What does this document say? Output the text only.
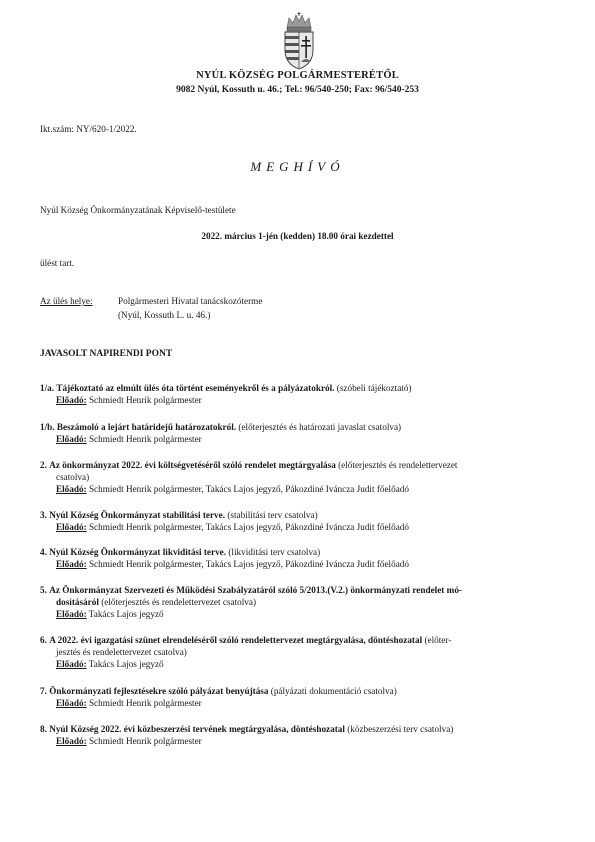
NYÚL KÖZSÉG POLGÁRMESTERÉTŐL
9082 Nyúl, Kossuth u. 46.; Tel.: 96/540-250; Fax: 96/540-253
Ikt.szám: NY/620-1/2022.
MEGHÍVÓ
Nyúl Község Önkormányzatának Képviselő-testülete
2022. március 1-jén (kedden) 18.00 órai kezdettel
ülést tart.
Az ülés helye:	Polgármesteri Hivatal tanácskozóterme
(Nyúl, Kossuth L. u. 46.)
JAVASOLT NAPIRENDI PONT

1/a. Tájékoztató az elmúlt ülés óta történt eseményekről és a pályázatokról. (szóbeli tájékoztató)

Előadó: Schmiedt Henrik polgármester

1/b. Beszámoló a lejárt határidejű határozatokról. (előterjesztés és határozati javaslat csatolva)

Előadó: Schmiedt Henrik polgármester

2. Az önkormányzat 2022. évi költségvetéséről szóló rendelet megtárgyalása (előterjesztés és rendelettervezet

csatolva)

Előadó: Schmiedt Henrik polgármester, Takács Lajos jegyző, Pákozdiné Iváncza Judit főelőadó

3. Nyúl Község Önkormányzat stabilitási terve. (stabilitási terv csatolva)

Előadó: Schmiedt Henrik polgármester, Takács Lajos jegyző, Pákozdiné Iváncza Judit főelőadó

4. Nyúl Község Önkormányzat likviditási terve. (likviditási terv csatolva)

Előadó: Schmiedt Henrik polgármester, Takács Lajos jegyző, Pákozdiné Iváncza Judit főelőadó

5. Az Önkormányzat Szervezeti és Működési Szabályzatáról szóló 5/2013.(V.2.) önkormányzati rendelet mó-

dosításáról (előterjesztés és rendelettervezet csatolva)

Előadó: Takács Lajos jegyző

6. A 2022. évi igazgatási szünet elrendeléséről szóló rendelettervezet megtárgyalása, döntéshozatal (előter-

jesztés és rendelettervezet csatolva)

Előadó: Takács Lajos jegyző

7. Önkormányzati fejlesztésekre szóló pályázat benyújtása (pályázati dokumentáció csatolva)

Előadó: Schmiedt Henrik polgármester

8. Nyúl Község 2022. évi közbeszerzési tervének megtárgyalása, döntéshozatal (közbeszerzési terv csatolva)

Előadó: Schmiedt Henrik polgármester
